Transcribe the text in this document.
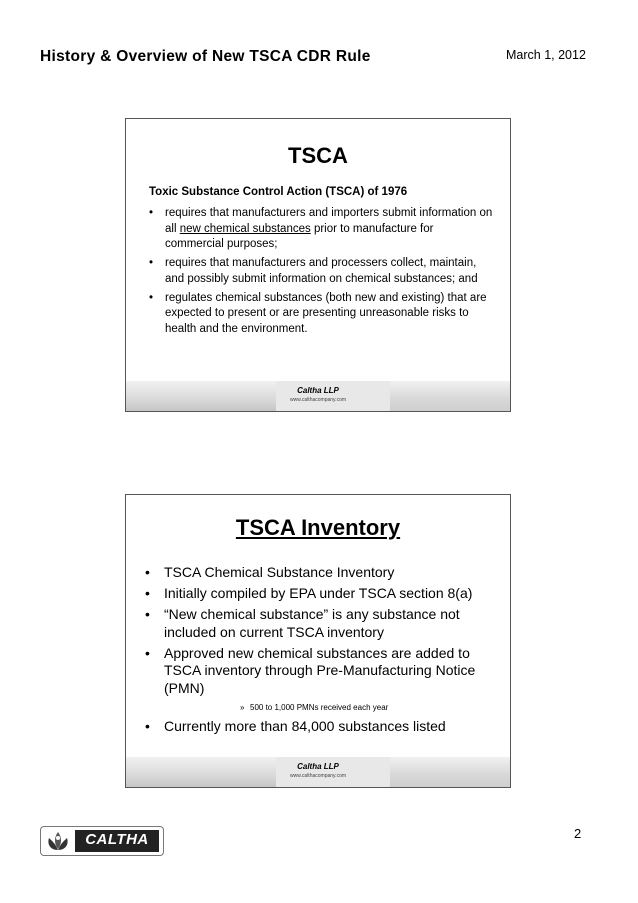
History & Overview of New TSCA CDR Rule	March 1, 2012
TSCA
Toxic Substance Control Action (TSCA) of 1976
• requires that manufacturers and importers submit information on all new chemical substances prior to manufacture for commercial purposes;
• requires that manufacturers and processers collect, maintain, and possibly submit information on chemical substances; and
• regulates chemical substances (both new and existing) that are expected to present or are presenting unreasonable risks to health and the environment.
Caltha LLP
www.calthacompany.com
TSCA Inventory
• TSCA Chemical Substance Inventory
• Initially compiled by EPA under TSCA section 8(a)
• “New chemical substance” is any substance not included on current TSCA inventory
• Approved new chemical substances are added to TSCA inventory through Pre-Manufacturing Notice (PMN)
» 500 to 1,000 PMNs received each year
• Currently more than 84,000 substances listed
Caltha LLP
www.calthacompany.com
CALTHA	2
